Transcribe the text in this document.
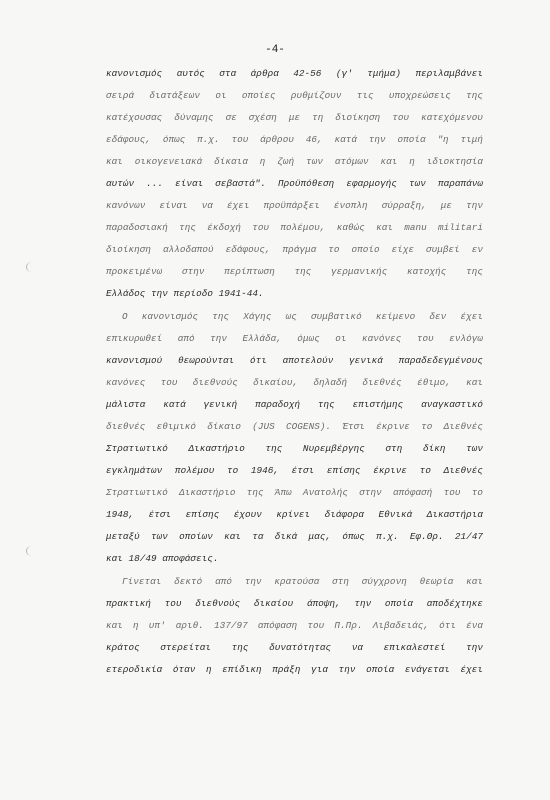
-4-
κανονισμός αυτός στα άρθρα 42-56 (γ' τμήμα) περιλαμβάνει
σειρά διατάξεων οι οποίες ρυθμίζουν τις υποχρεώσεις της
κατέχουσας δύναμης σε σχέση με τη διοίκηση του κατεχόμενου
εδάφους, όπως π.χ. του άρθρου 46, κατά την οποία "η τιμή
και οικογενειακά δίκαια η ζωή των ατόμων και η ιδιοκτησία
αυτών ... είναι σεβαστά". Προϋπόθεση εφαρμογής των παραπάνω
κανόνων είναι να έχει προϋπάρξει ένοπλη σύρραξη, με την
παραδοσιακή της έκδοχή του πολέμου, καθώς και manu militari
διοίκηση αλλοδαπού εδάφους, πράγμα το οποίο είχε συμβεί εν
προκειμένω στην περίπτωση της γερμανικής κατοχής της
Ελλάδος την περίοδο 1941-44.
Ο κανονισμός της Χάγης ως συμβατικό κείμενο δεν έχει
επικυρωθεί από την Ελλάδα, όμως οι κανόνες του ενλόγω
κανονισμού θεωρούνται ότι αποτελούν γενικά παραδεδεγμένους
κανόνες του διεθνούς δικαίου, δηλαδή διεθνές έθιμο, και
μάλιστα κατά γενική παραδοχή της επιστήμης αναγκαστικό
διεθνές εθιμικό δίκαιο (JUS COGENS). Έτσι έκρινε το Διεθνές
Στρατιωτικό Δικαστήριο της Νυρεμβέργης στη δίκη των
εγκλημάτων πολέμου το 1946, έτσι επίσης έκρινε το Διεθνές
Στρατιωτικό Δικαστήριο της Άπω Ανατολής στην απόφασή του το
1948, έτσι επίσης έχουν κρίνει διάφορα Εθνικά Δικαστήρια
μεταξύ των οποίων και τα δικά μας, όπως π.χ. Εφ.Θρ. 21/47
και 18/49 αποφάσεις.
Γίνεται δεκτό από την κρατούσα στη σύγχρονη θεωρία και
πρακτική του διεθνούς δικαίου άποψη, την οποία αποδέχτηκε
και η υπ' αριθ. 137/97 απόφαση του Π.Πρ. Λιβαδειάς, ότι ένα
κράτος στερείται της δυνατότητας να επικαλεστεί την
ετεροδικία όταν η επίδικη πράξη για την οποία ενάγεται έχει
